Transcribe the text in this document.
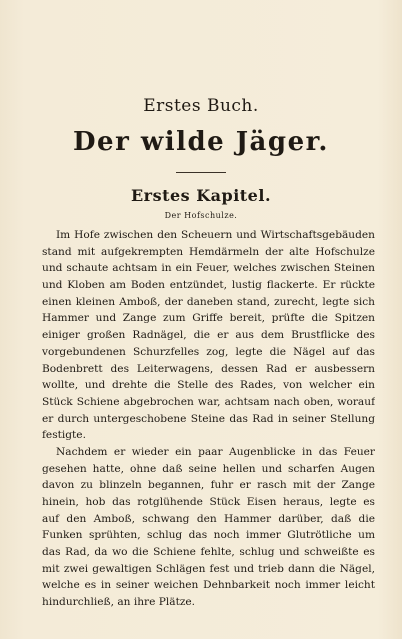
Erstes Buch.
Der wilde Jäger.
Erstes Kapitel.
Der Hofschulze.
Im Hofe zwischen den Scheuern und Wirtschaftsgebäuden
stand mit aufgekrempten Hemdärmeln der alte Hofschulze
und schaute achtsam in ein Feuer, welches zwischen Steinen
und Kloben am Boden entzündet, lustig flackerte. Er rückte
einen kleinen Amboß, der daneben stand, zurecht, legte sich
Hammer und Zange zum Griffe bereit, prüfte die Spitzen
einiger großen Radnägel, die er aus dem Brustflicke des
vorgebundenen Schurzfelles zog, legte die Nägel auf das
Bodenbrett des Leiterwagens, dessen Rad er ausbessern
wollte, und drehte die Stelle des Rades, von welcher ein
Stück Schiene abgebrochen war, achtsam nach oben, worauf
er durch untergeschobene Steine das Rad in seiner Stellung
festigte.
Nachdem er wieder ein paar Augenblicke in das Feuer
gesehen hatte, ohne daß seine hellen und scharfen Augen
davon zu blinzeln begannen, fuhr er rasch mit der Zange
hinein, hob das rotglühende Stück Eisen heraus, legte es
auf den Amboß, schwang den Hammer darüber, daß die
Funken sprühten, schlug das noch immer Glutrötliche um
das Rad, da wo die Schiene fehlte, schlug und schweißte es
mit zwei gewaltigen Schlägen fest und trieb dann die Nägel,
welche es in seiner weichen Dehnbarkeit noch immer leicht
hindurchließ, an ihre Plätze.
